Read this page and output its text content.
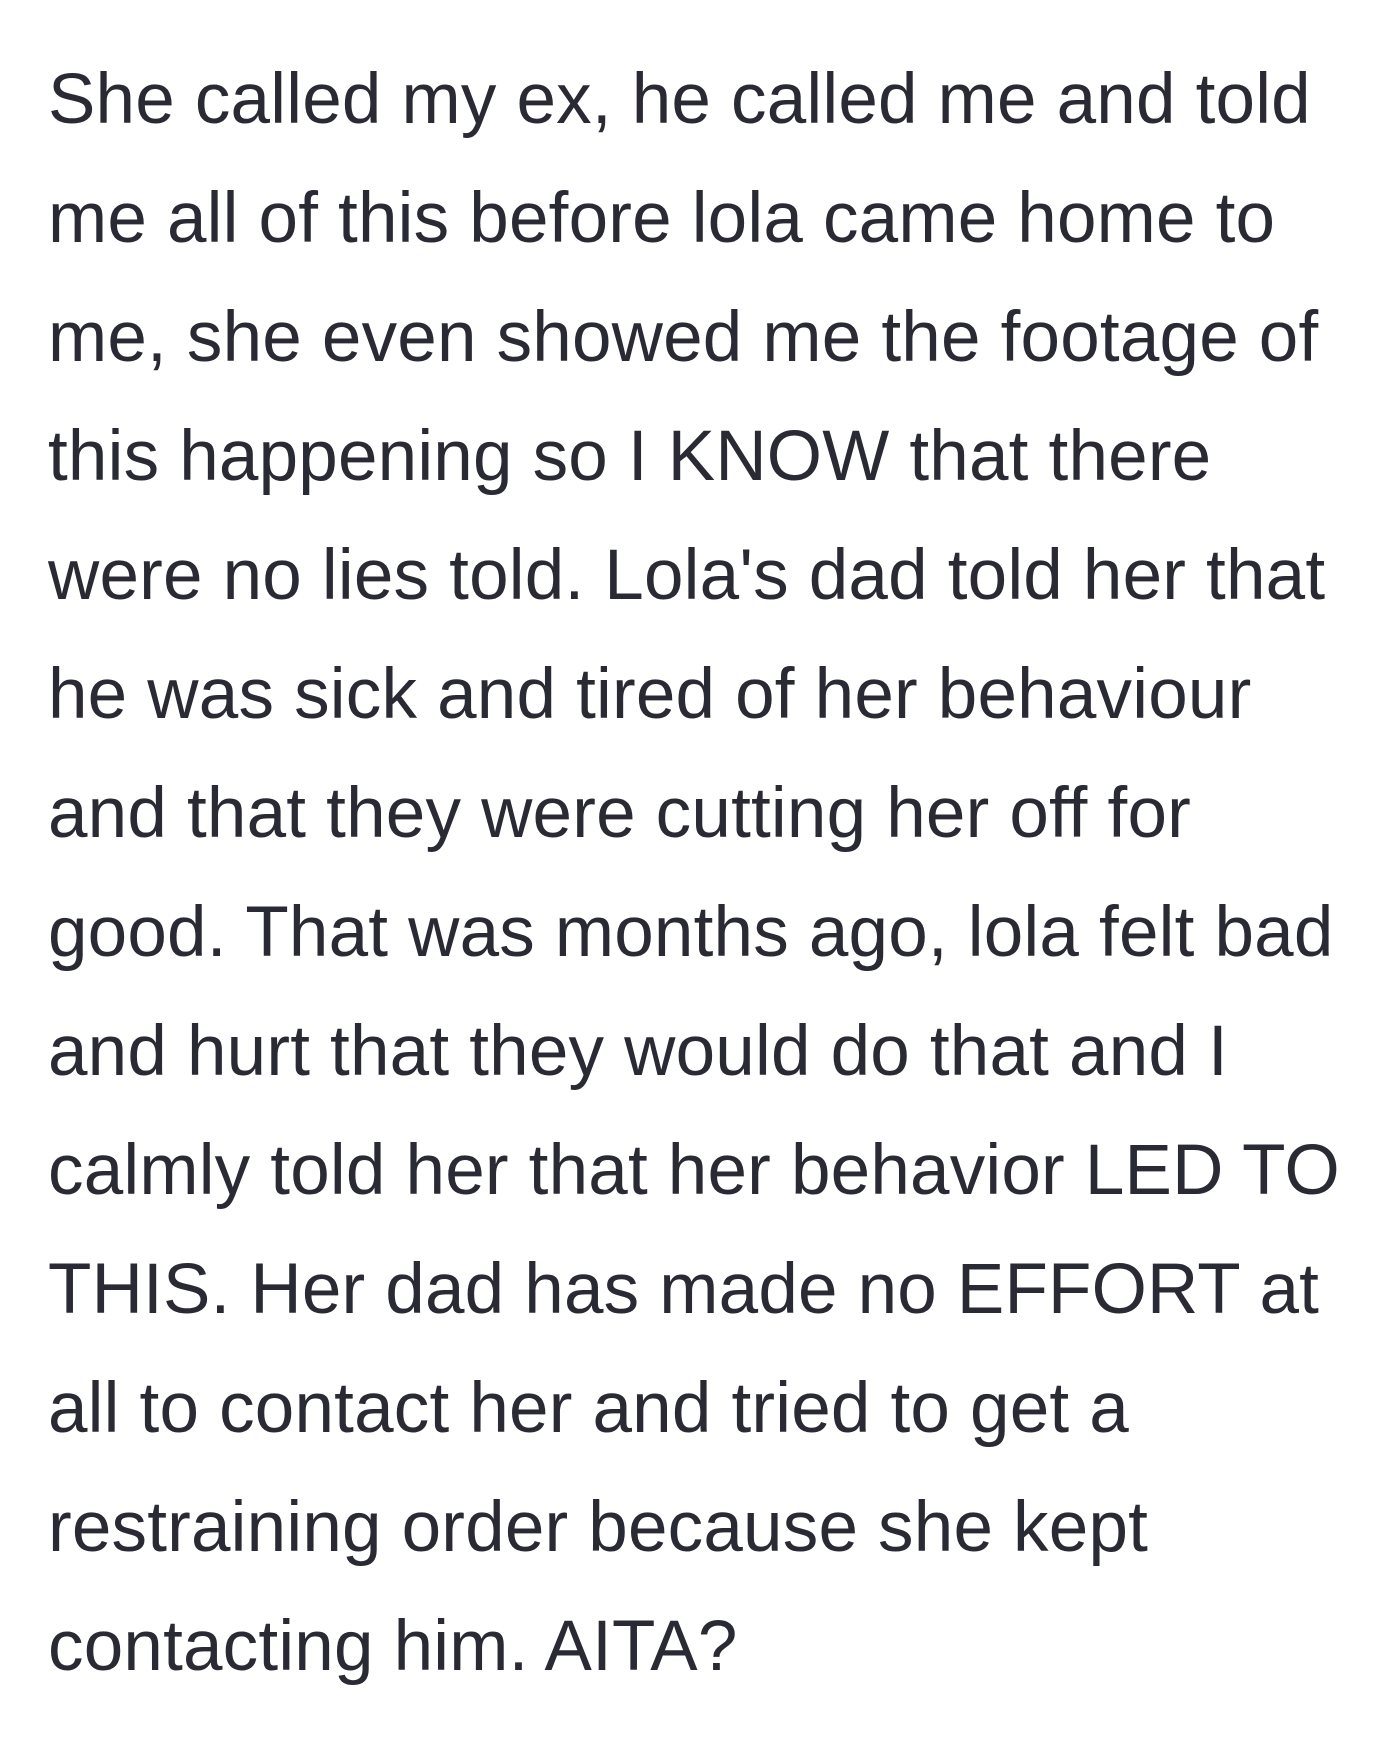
She called my ex, he called me and told
me all of this before lola came home to
me, she even showed me the footage of
this happening so I KNOW that there
were no lies told. Lola's dad told her that
he was sick and tired of her behaviour
and that they were cutting her off for
good. That was months ago, lola felt bad
and hurt that they would do that and I
calmly told her that her behavior LED TO
THIS. Her dad has made no EFFORT at
all to contact her and tried to get a
restraining order because she kept
contacting him. AITA?
